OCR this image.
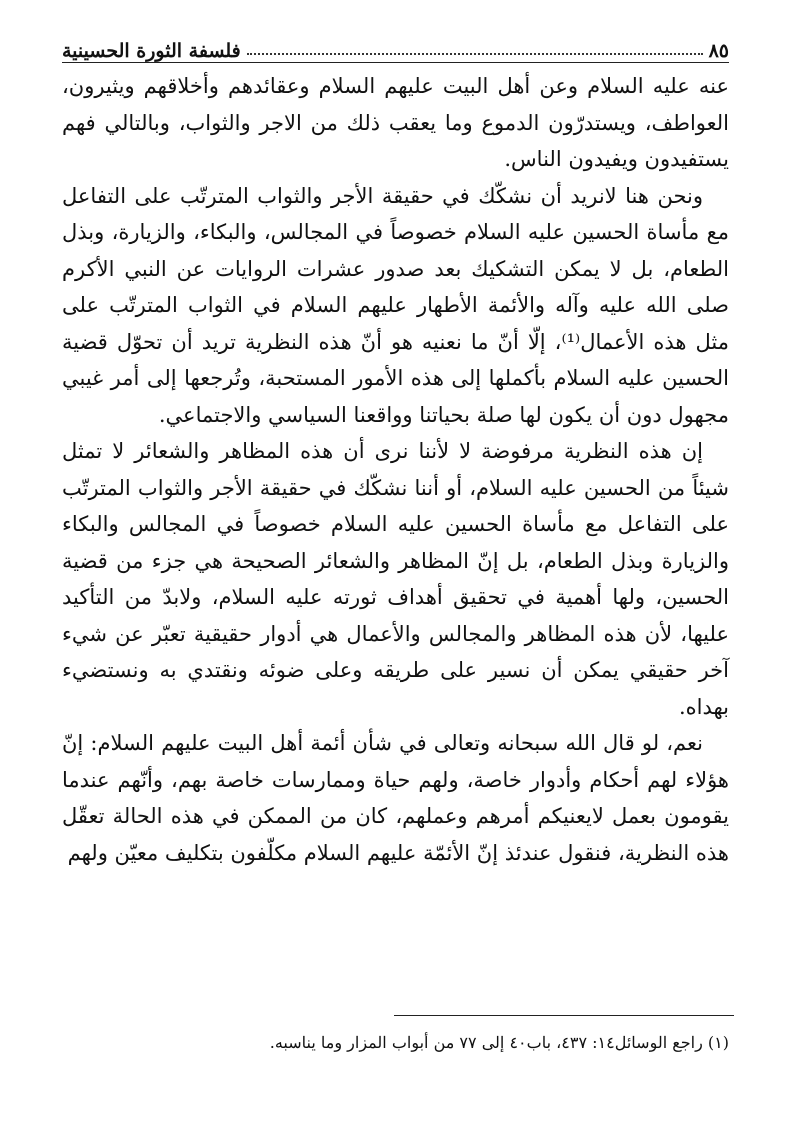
٨٥
فلسفة الثورة الحسينية

عنه عليه السلام وعن أهل البيت عليهم السلام وعقائدهم وأخلاقهم ويثيرون، العواطف، ويستدرّون الدموع وما يعقب ذلك من الاجر والثواب، وبالتالي فهم يستفيدون ويفيدون الناس.

ونحن هنا لانريد أن نشكّك في حقيقة الأجر والثواب المترتّب على التفاعل مع مأساة الحسين عليه السلام خصوصاً في المجالس، والبكاء، والزيارة، وبذل الطعام، بل لا يمكن التشكيك بعد صدور عشرات الروايات عن النبي الأكرم صلى الله عليه وآله والأئمة الأطهار عليهم السلام في الثواب المترتّب على مثل هذه الأعمال⁽¹⁾، إلّا أنّ ما نعنيه هو أنّ هذه النظرية تريد أن تحوّل قضية الحسين عليه السلام بأكملها إلى هذه الأمور المستحبة، وتُرجعها إلى أمر غيبي مجهول دون أن يكون لها صلة بحياتنا وواقعنا السياسي والاجتماعي.

إن هذه النظرية مرفوضة لا لأننا نرى أن هذه المظاهر والشعائر لا تمثل شيئاً من الحسين عليه السلام، أو أننا نشكّك في حقيقة الأجر والثواب المترتّب على التفاعل مع مأساة الحسين عليه السلام خصوصاً في المجالس والبكاء والزيارة وبذل الطعام، بل إنّ المظاهر والشعائر الصحيحة هي جزء من قضية الحسين، ولها أهمية في تحقيق أهداف ثورته عليه السلام، ولابدّ من التأكيد عليها، لأن هذه المظاهر والمجالس والأعمال هي أدوار حقيقية تعبّر عن شيء آخر حقيقي يمكن أن نسير على طريقه وعلى ضوئه ونقتدي به ونستضيء بهداه.

نعم، لو قال الله سبحانه وتعالى في شأن أئمة أهل البيت عليهم السلام: إنّ هؤلاء لهم أحكام وأدوار خاصة، ولهم حياة وممارسات خاصة بهم، وأنّهم عندما يقومون بعمل لايعنيكم أمرهم وعملهم، كان من الممكن في هذه الحالة تعقّل هذه النظرية، فنقول عندئذ إنّ الأئمّة عليهم السلام مكلّفون بتكليف معيّن ولهم

(١) راجع الوسائل١٤: ٤٣٧، باب٤٠ إلى ٧٧ من أبواب المزار وما يناسبه.
